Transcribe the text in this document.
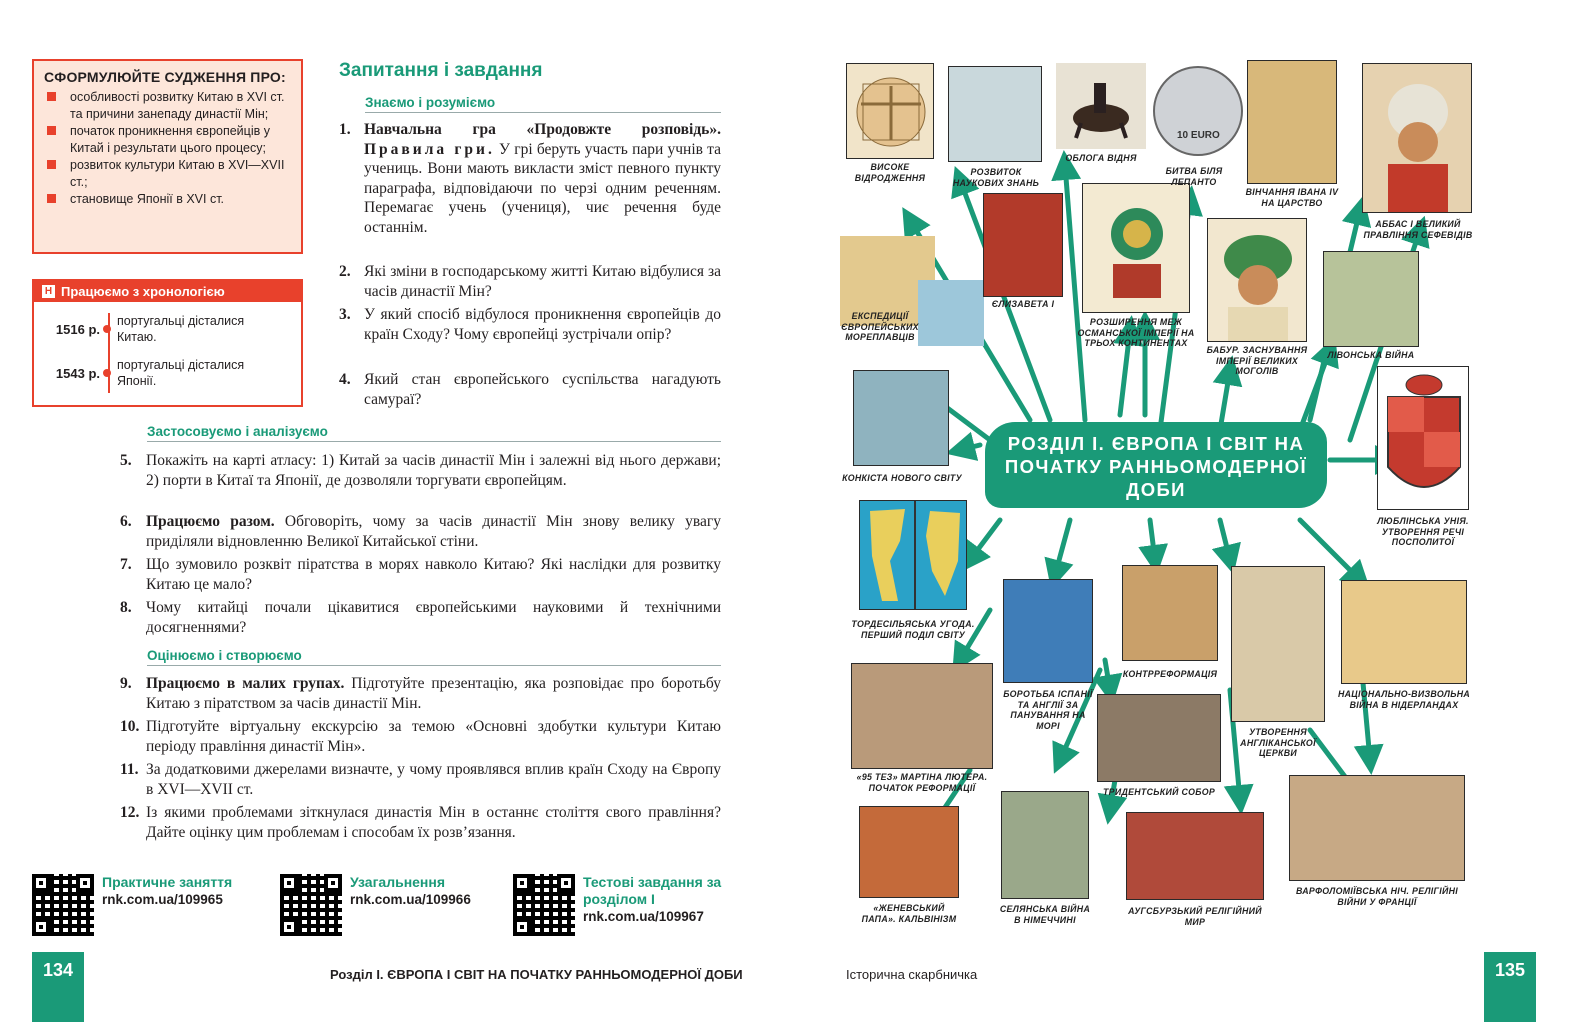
СФОРМУЛЮЙТЕ СУДЖЕННЯ ПРО:
особливості розвитку Китаю в XVI ст. та причини занепаду династії Мін;
початок проникнення європейців у Китай і результати цього процесу;
розвиток культури Китаю в XVI—XVII ст.;
становище Японії в XVI ст.
Н Працюємо з хронологією
1516 р.
португальці дісталися Китаю.
1543 р.
португальці дісталися Японії.
Запитання і завдання
Знаємо і розуміємо
1. Навчальна гра «Продовжте розповідь». Правила гри. У грі беруть участь пари учнів та учениць. Вони мають викласти зміст певного пункту параграфа, відповідаючи по черзі одним реченням. Перемагає учень (учениця), чиє речення буде останнім.
2. Які зміни в господарському житті Китаю відбулися за часів династії Мін?
3. У який спосіб відбулося проникнення європейців до країн Сходу? Чому європейці зустрічали опір?
4. Який стан європейського суспільства нагадують самураї?
Застосовуємо і аналізуємо
5. Покажіть на карті атласу: 1) Китай за часів династії Мін і залежні від нього держави; 2) порти в Китаї та Японії, де дозволяли торгувати європейцям.
6. Працюємо разом. Обговоріть, чому за часів династії Мін знову велику увагу приділяли відновленню Великої Китайської стіни.
7. Що зумовило розквіт піратства в морях навколо Китаю? Які наслідки для розвитку Китаю це мало?
8. Чому китайці почали цікавитися європейськими науковими й технічними досягненнями?
Оцінюємо і створюємо
9. Працюємо в малих групах. Підготуйте презентацію, яка розповідає про боротьбу Китаю з піратством за часів династії Мін.
10. Підготуйте віртуальну екскурсію за темою «Основні здобутки культури Китаю періоду правління династії Мін».
11. За додатковими джерелами визначте, у чому проявлявся вплив країн Сходу на Європу в XVI—XVII ст.
12. Із якими проблемами зіткнулася династія Мін в останнє століття свого правління? Дайте оцінку цим проблемам і способам їх розв’язання.
Практичне заняття
rnk.com.ua/109965
Узагальнення
rnk.com.ua/109966
Тестові завдання за розділом I
rnk.com.ua/109967
134	Розділ I. ЄВРОПА І СВІТ НА ПОЧАТКУ РАННЬОМОДЕРНОЇ ДОБИ
10 EURO
РОЗДІЛ I. ЄВРОПА І СВІТ НА ПОЧАТКУ РАННЬОМОДЕРНОЇ ДОБИ
ВИСОКЕ ВІДРОДЖЕННЯ
РОЗВИТОК НАУКОВИХ ЗНАНЬ
ОБЛОГА ВІДНЯ
БИТВА БІЛЯ ЛЕПАНТО
ВІНЧАННЯ ІВАНА IV НА ЦАРСТВО
АББАС I ВЕЛИКИЙ ПРАВЛІННЯ СЕФЕВІДІВ
ЕКСПЕДИЦІЇ ЄВРОПЕЙСЬКИХ МОРЕПЛАВЦІВ
ЄЛИЗАВЕТА I
РОЗШИРЕННЯ МЕЖ ОСМАНСЬКОЇ ІМПЕРІЇ НА ТРЬОХ КОНТИНЕНТАХ
БАБУР. ЗАСНУВАННЯ ІМПЕРІЇ ВЕЛИКИХ МОГОЛІВ
ЛІВОНСЬКА ВІЙНА
КОНКІСТА НОВОГО СВІТУ
ЛЮБЛІНСЬКА УНІЯ. УТВОРЕННЯ РЕЧІ ПОСПОЛИТОЇ
ТОРДЕСІЛЬЯСЬКА УГОДА. ПЕРШИЙ ПОДІЛ СВІТУ
БОРОТЬБА ІСПАНІЇ ТА АНГЛІЇ ЗА ПАНУВАННЯ НА МОРІ
КОНТРРЕФОРМАЦІЯ
УТВОРЕННЯ АНГЛІКАНСЬКОЇ ЦЕРКВИ
НАЦІОНАЛЬНО-ВИЗВОЛЬНА ВІЙНА В НІДЕРЛАНДАХ
«95 ТЕЗ» МАРТІНА ЛЮТЕРА. ПОЧАТОК РЕФОРМАЦІЇ	ТРИДЕНТСЬКИЙ СОБОР
ВАРФОЛОМІЇВСЬКА НІЧ. РЕЛІГІЙНІ ВІЙНИ У ФРАНЦІЇ
«ЖЕНЕВСЬКИЙ ПАПА». КАЛЬВІНІЗМ
СЕЛЯНСЬКА ВІЙНА В НІМЕЧЧИНІ
АУГСБУРЗЬКИЙ РЕЛІГІЙНИЙ МИР
Історична скарбничка	135
